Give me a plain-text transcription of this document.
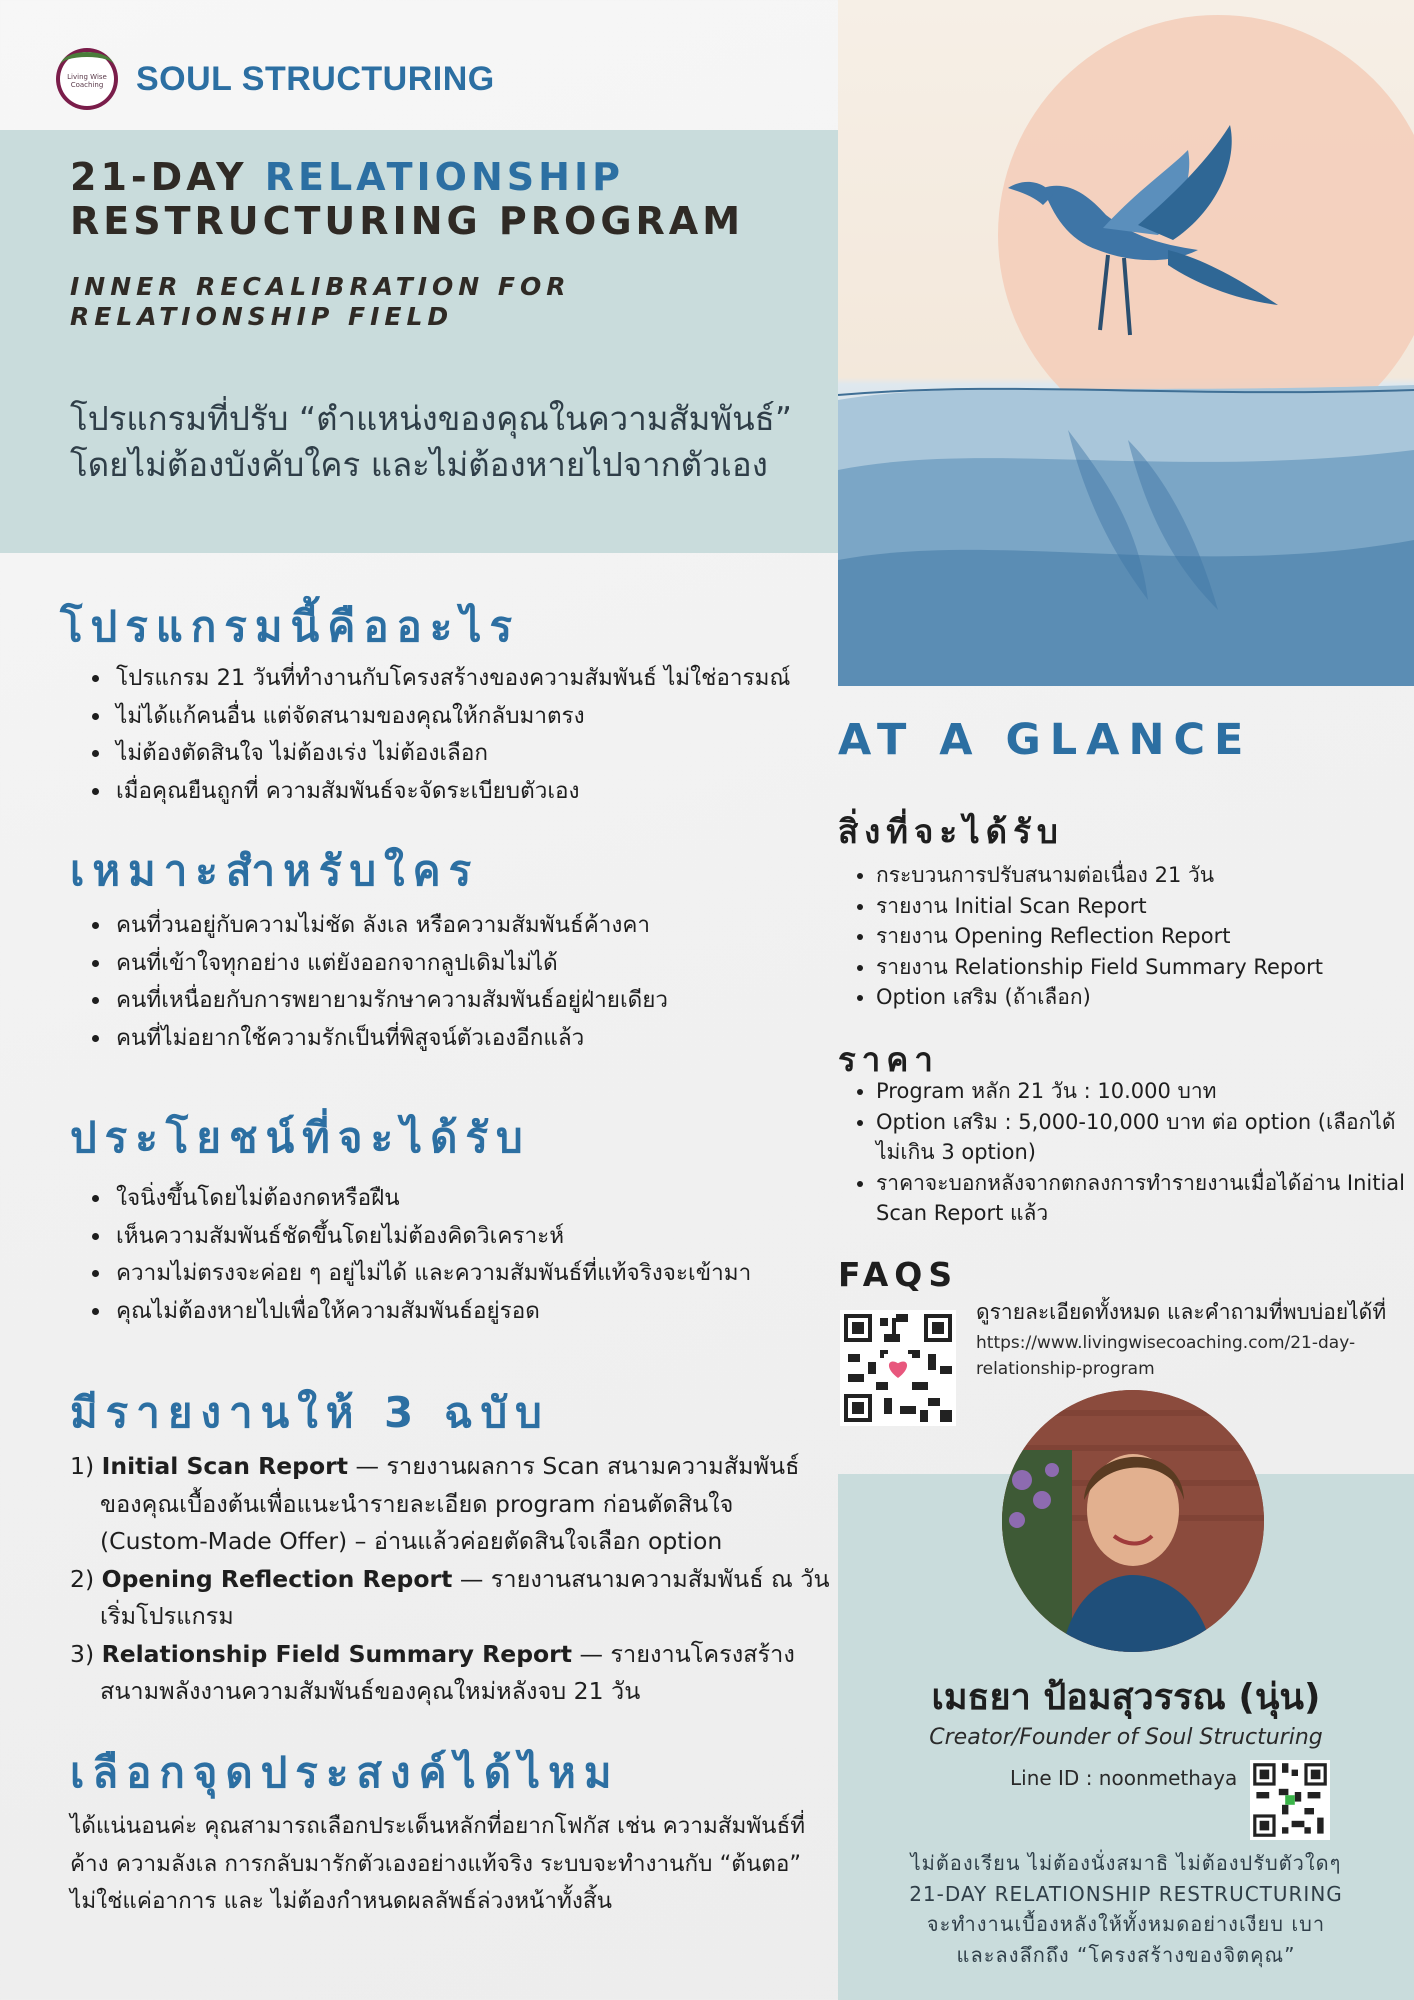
Living Wise Coaching SOUL STRUCTURING
21-DAY RELATIONSHIP
RESTRUCTURING PROGRAM
INNER RECALIBRATION FOR
RELATIONSHIP FIELD
โปรแกรมที่ปรับ “ตำแหน่งของคุณในความสัมพันธ์”
โดยไม่ต้องบังคับใคร และไม่ต้องหายไปจากตัวเอง
โปรแกรมนี้คืออะไร
• โปรแกรม 21 วันที่ทำงานกับโครงสร้างของความสัมพันธ์ ไม่ใช่อารมณ์
• ไม่ได้แก้คนอื่น แต่จัดสนามของคุณให้กลับมาตรง
• ไม่ต้องตัดสินใจ ไม่ต้องเร่ง ไม่ต้องเลือก
• เมื่อคุณยืนถูกที่ ความสัมพันธ์จะจัดระเบียบตัวเอง
เหมาะสำหรับใคร
• คนที่วนอยู่กับความไม่ชัด ลังเล หรือความสัมพันธ์ค้างคา
• คนที่เข้าใจทุกอย่าง แต่ยังออกจากลูปเดิมไม่ได้
• คนที่เหนื่อยกับการพยายามรักษาความสัมพันธ์อยู่ฝ่ายเดียว
• คนที่ไม่อยากใช้ความรักเป็นที่พิสูจน์ตัวเองอีกแล้ว
ประโยชน์ที่จะได้รับ
• ใจนิ่งขึ้นโดยไม่ต้องกดหรือฝืน
• เห็นความสัมพันธ์ชัดขึ้นโดยไม่ต้องคิดวิเคราะห์
• ความไม่ตรงจะค่อย ๆ อยู่ไม่ได้ และความสัมพันธ์ที่แท้จริงจะเข้ามา
• คุณไม่ต้องหายไปเพื่อให้ความสัมพันธ์อยู่รอด
มีรายงานให้ 3 ฉบับ
1) Initial Scan Report — รายงานผลการ Scan สนามความสัมพันธ์ของคุณเบื้องต้นเพื่อแนะนำรายละเอียด program ก่อนตัดสินใจ (Custom-Made Offer) – อ่านแล้วค่อยตัดสินใจเลือก option
2) Opening Reflection Report — รายงานสนามความสัมพันธ์ ณ วันเริ่มโปรแกรม
3) Relationship Field Summary Report — รายงานโครงสร้างสนามพลังงานความสัมพันธ์ของคุณใหม่หลังจบ 21 วัน
เลือกจุดประสงค์ได้ไหม
ได้แน่นอนค่ะ คุณสามารถเลือกประเด็นหลักที่อยากโฟกัส เช่น ความสัมพันธ์ที่ค้าง ความลังเล การกลับมารักตัวเองอย่างแท้จริง ระบบจะทำงานกับ “ต้นตอ” ไม่ใช่แค่อาการ และ ไม่ต้องกำหนดผลลัพธ์ล่วงหน้าทั้งสิ้น
AT A GLANCE
สิ่งที่จะได้รับ
• กระบวนการปรับสนามต่อเนื่อง 21 วัน
• รายงาน Initial Scan Report
• รายงาน Opening Reflection Report
• รายงาน Relationship Field Summary Report
• Option เสริม (ถ้าเลือก)
ราคา
• Program หลัก 21 วัน : 10.000 บาท
• Option เสริม : 5,000-10,000 บาท ต่อ option (เลือกได้ไม่เกิน 3 option)
• ราคาจะบอกหลังจากตกลงการทำรายงานเมื่อได้อ่าน Initial Scan Report แล้ว
FAQS
ดูรายละเอียดทั้งหมด และคำถามที่พบบ่อยได้ที่
https://www.livingwisecoaching.com/21-day-relationship-program
เมธยา ป้อมสุวรรณ (นุ่น)
Creator/Founder of Soul Structuring
Line ID : noonmethaya
ไม่ต้องเรียน ไม่ต้องนั่งสมาธิ ไม่ต้องปรับตัวใดๆ
21-DAY RELATIONSHIP RESTRUCTURING
จะทำงานเบื้องหลังให้ทั้งหมดอย่างเงียบ เบา
และลงลึกถึง “โครงสร้างของจิตคุณ”
